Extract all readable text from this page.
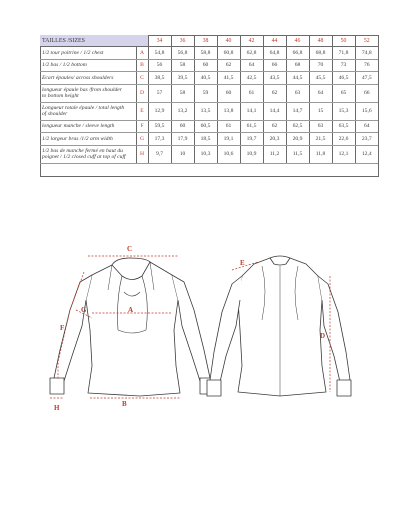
TAILLES /SIZES		34	36	38	40	42	44	46	48	50	52
1/2 tour poitrine / 1/2 chest	A	54,8	56,8	58,8	60,8	62,8	64,8	66,8	68,8	71,8	74,8
1/2 bas / 1/2 bottom	B	56	58	60	62	64	66	68	70	73	76
Ecart épaules/ across shoulders	C	38,5	39,5	40,5	41,5	42,5	43,5	44,5	45,5	46,5	47,5
longueur épaule bas /from shoulder
to bottom height	D	57	58	59	60	61	62	63	64	65	66
Longueur totale épaule / total length
of shoulder	E	12,9	13,2	13,5	13,8	14,1	14,4	14,7	15	15,3	15,6
longueur manche / sleeve length	F	59,5	60	60,5	61	61,5	62	62,5	63	63,5	64
1/2 largeur bras /1/2 arm width	G	17,3	17,9	18,5	19,1	19,7	20,3	20,9	21,5	22,6	23,7
1/2 bas de manche fermé en haut du
poignet / 1/2 closed cuff at top of cuff	H	9,7	10	10,3	10,6	10,9	11,2	11,5	11,8	12,1	12,4
C
G	A
F
B
H
E
D
